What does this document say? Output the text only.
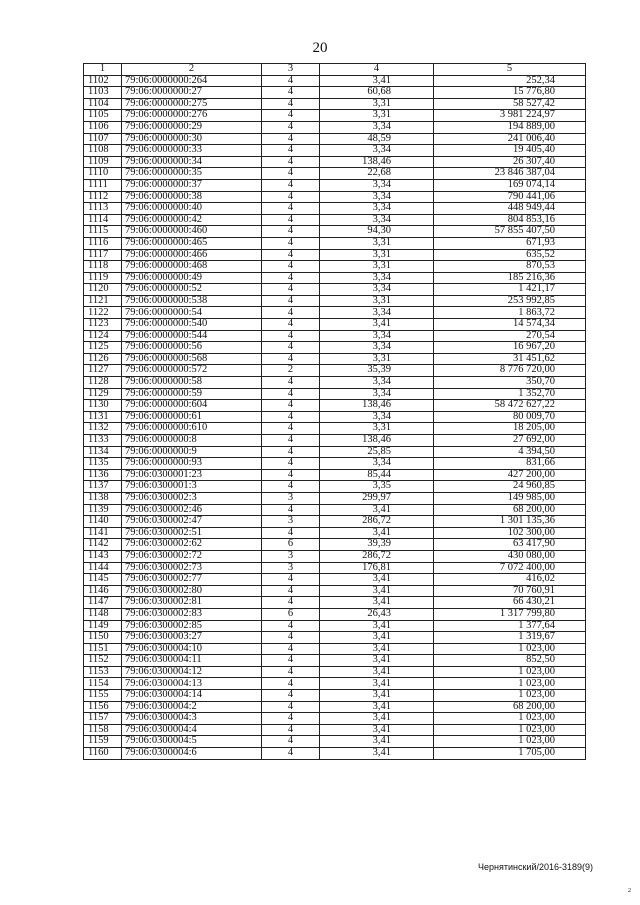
20
1	2	3	4	5
1102	79:06:0000000:264	4	3,41	252,34
1103	79:06:0000000:27	4	60,68	15 776,80
1104	79:06:0000000:275	4	3,31	58 527,42
1105	79:06:0000000:276	4	3,31	3 981 224,97
1106	79:06:0000000:29	4	3,34	194 889,00
1107	79:06:0000000:30	4	48,59	241 006,40
1108	79:06:0000000:33	4	3,34	19 405,40
1109	79:06:0000000:34	4	138,46	26 307,40
1110	79:06:0000000:35	4	22,68	23 846 387,04
1111	79:06:0000000:37	4	3,34	169 074,14
1112	79:06:0000000:38	4	3,34	790 441,06
1113	79:06:0000000:40	4	3,34	448 949,44
1114	79:06:0000000:42	4	3,34	804 853,16
1115	79:06:0000000:460	4	94,30	57 855 407,50
1116	79:06:0000000:465	4	3,31	671,93
1117	79:06:0000000:466	4	3,31	635,52
1118	79:06:0000000:468	4	3,31	870,53
1119	79:06:0000000:49	4	3,34	185 216,36
1120	79:06:0000000:52	4	3,34	1 421,17
1121	79:06:0000000:538	4	3,31	253 992,85
1122	79:06:0000000:54	4	3,34	1 863,72
1123	79:06:0000000:540	4	3,41	14 574,34
1124	79:06:0000000:544	4	3,34	270,54
1125	79:06:0000000:56	4	3,34	16 967,20
1126	79:06:0000000:568	4	3,31	31 451,62
1127	79:06:0000000:572	2	35,39	8 776 720,00
1128	79:06:0000000:58	4	3,34	350,70
1129	79:06:0000000:59	4	3,34	1 352,70
1130	79:06:0000000:604	4	138,46	58 472 627,22
1131	79:06:0000000:61	4	3,34	80 009,70
1132	79:06:0000000:610	4	3,31	18 205,00
1133	79:06:0000000:8	4	138,46	27 692,00
1134	79:06:0000000:9	4	25,85	4 394,50
1135	79:06:0000000:93	4	3,34	831,66
1136	79:06:0300001:23	4	85,44	427 200,00
1137	79:06:0300001:3	4	3,35	24 960,85
1138	79:06:0300002:3	3	299,97	149 985,00
1139	79:06:0300002:46	4	3,41	68 200,00
1140	79:06:0300002:47	3	286,72	1 301 135,36
1141	79:06:0300002:51	4	3,41	102 300,00
1142	79:06:0300002:62	6	39,39	63 417,90
1143	79:06:0300002:72	3	286,72	430 080,00
1144	79:06:0300002:73	3	176,81	7 072 400,00
1145	79:06:0300002:77	4	3,41	416,02
1146	79:06:0300002:80	4	3,41	70 760,91
1147	79:06:0300002:81	4	3,41	66 430,21
1148	79:06:0300002:83	6	26,43	1 317 799,80
1149	79:06:0300002:85	4	3,41	1 377,64
1150	79:06:0300003:27	4	3,41	1 319,67
1151	79:06:0300004:10	4	3,41	1 023,00
1152	79:06:0300004:11	4	3,41	852,50
1153	79:06:0300004:12	4	3,41	1 023,00
1154	79:06:0300004:13	4	3,41	1 023,00
1155	79:06:0300004:14	4	3,41	1 023,00
1156	79:06:0300004:2	4	3,41	68 200,00
1157	79:06:0300004:3	4	3,41	1 023,00
1158	79:06:0300004:4	4	3,41	1 023,00
1159	79:06:0300004:5	4	3,41	1 023,00
1160	79:06:0300004:6	4	3,41	1 705,00
Чернятинский/2016-3189(9)
2
